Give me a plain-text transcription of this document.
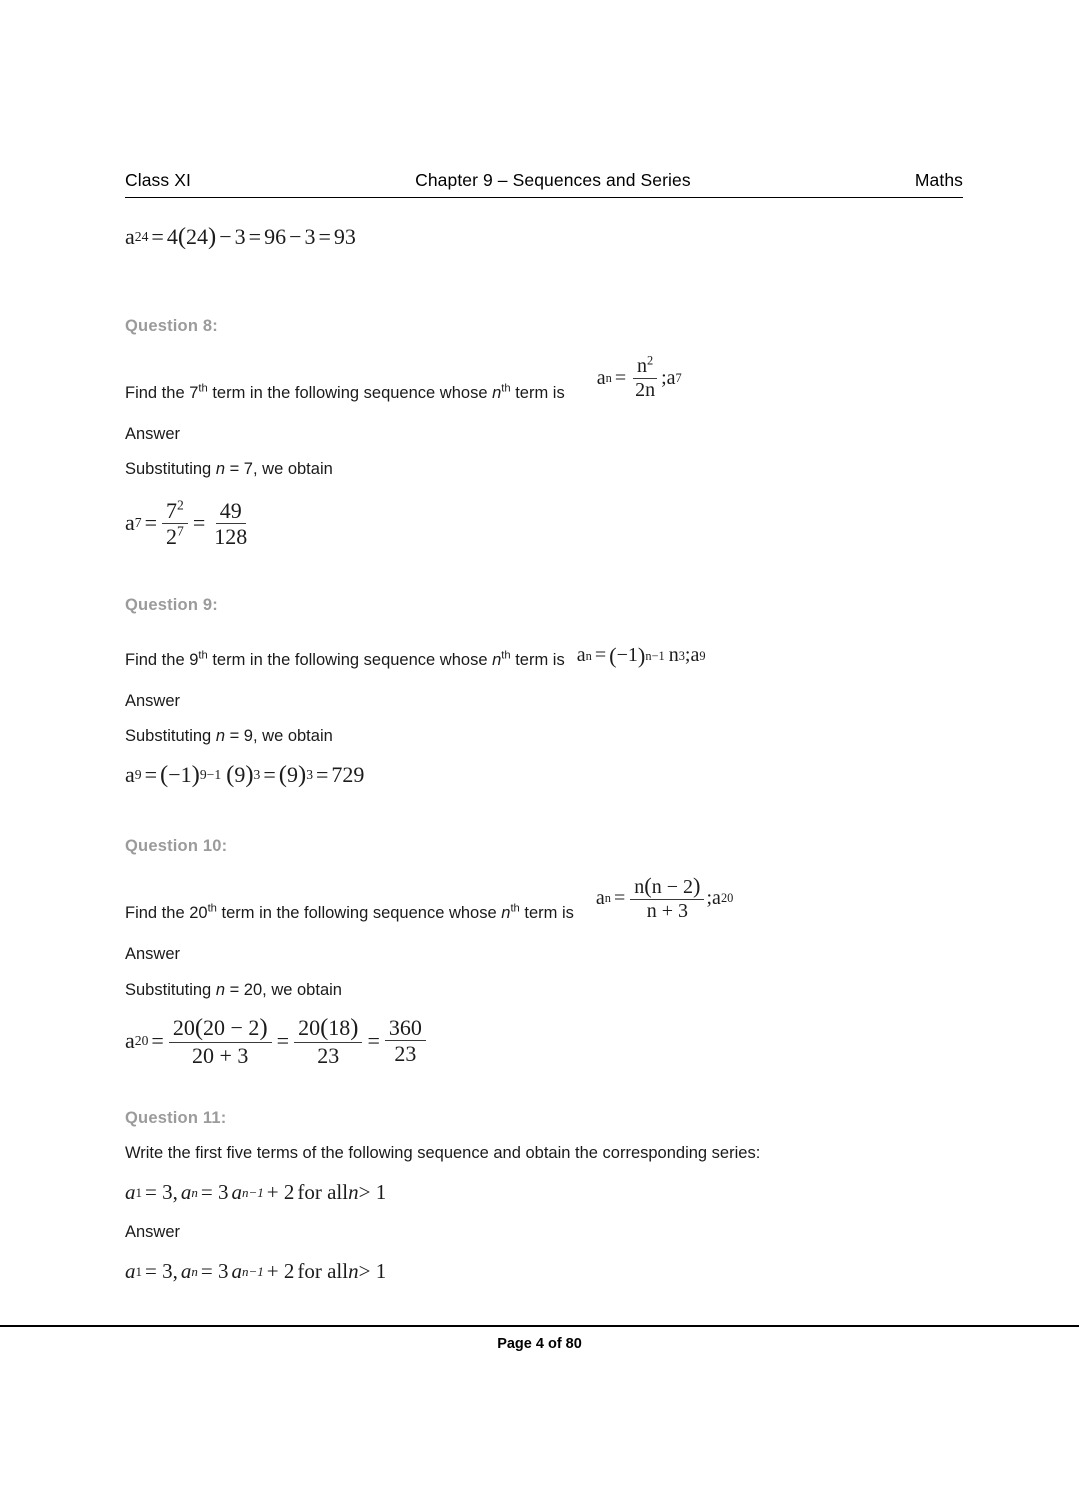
Class XI	Chapter 9 – Sequences and Series	Maths
a 24 = 4 ( 24 ) − 3 = 96 − 3 = 93
Question 8:
Find the 7th term in the following sequence whose $n^{th}$ term is
a $n = \frac{n^2}{2n}$ ; a 7
Answer
Substituting n = 7, we obtain
a $7 = \frac{7^2}{2^7} = \frac{49}{128}$
Question 9:
Find the 9th term in the following sequence whose $n^{th}$ term is a n = ( −1 ) n−1 n 3 ; a 9
Answer
Substituting n = 9, we obtain
a 9 = ( −1 ) 9−1 ( 9 ) 3 = ( 9 ) 3 = 729
Question 10:
Find the 20th term in the following sequence whose $n^{th}$ term is
a $n = \frac{n(n - 2)}{n + 3}$ ; a 20
Answer
Substituting n = 20, we obtain
a $20 = \frac{20(20 - 2)}{20 + 3} = \frac{20(18)}{23} = \frac{360}{23}$
Question 11:
Write the first five terms of the following sequence and obtain the corresponding series:
a 1 = 3, a n = 3 a n−1 + 2 for all n > 1
Answer
a 1 = 3, a n = 3 a n−1 + 2 for all n > 1
Page 4 of 80
